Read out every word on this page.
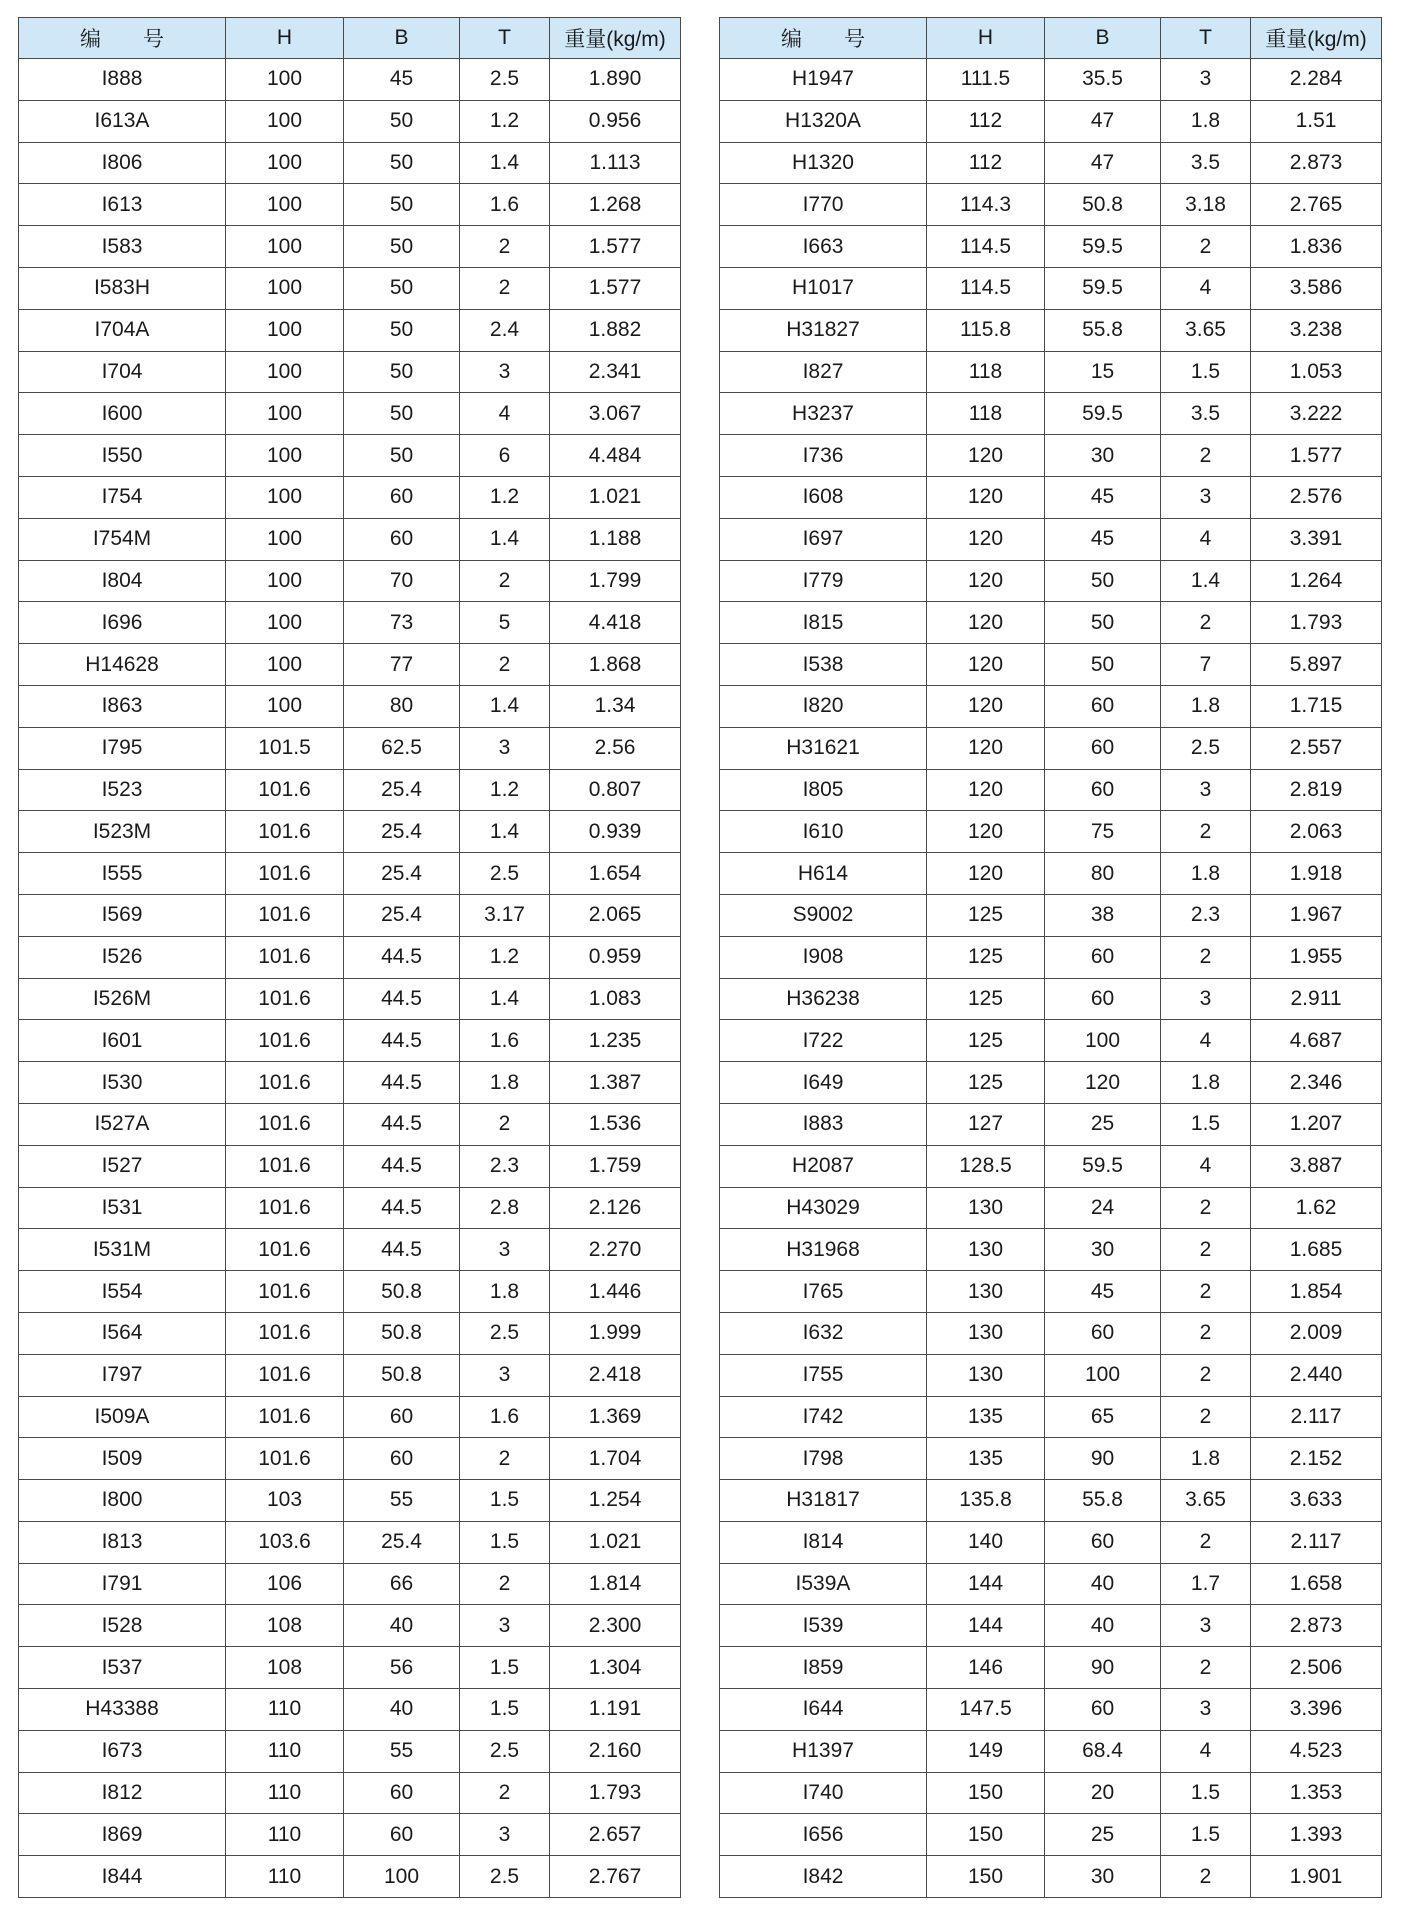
编　　号	H	B	T	重量(kg/m)
I888	100	45	2.5	1.890
I613A	100	50	1.2	0.956
I806	100	50	1.4	1.113
I613	100	50	1.6	1.268
I583	100	50	2	1.577
I583H	100	50	2	1.577
I704A	100	50	2.4	1.882
I704	100	50	3	2.341
I600	100	50	4	3.067
I550	100	50	6	4.484
I754	100	60	1.2	1.021
I754M	100	60	1.4	1.188
I804	100	70	2	1.799
I696	100	73	5	4.418
H14628	100	77	2	1.868
I863	100	80	1.4	1.34
I795	101.5	62.5	3	2.56
I523	101.6	25.4	1.2	0.807
I523M	101.6	25.4	1.4	0.939
I555	101.6	25.4	2.5	1.654
I569	101.6	25.4	3.17	2.065
I526	101.6	44.5	1.2	0.959
I526M	101.6	44.5	1.4	1.083
I601	101.6	44.5	1.6	1.235
I530	101.6	44.5	1.8	1.387
I527A	101.6	44.5	2	1.536
I527	101.6	44.5	2.3	1.759
I531	101.6	44.5	2.8	2.126
I531M	101.6	44.5	3	2.270
I554	101.6	50.8	1.8	1.446
I564	101.6	50.8	2.5	1.999
I797	101.6	50.8	3	2.418
I509A	101.6	60	1.6	1.369
I509	101.6	60	2	1.704
I800	103	55	1.5	1.254
I813	103.6	25.4	1.5	1.021
I791	106	66	2	1.814
I528	108	40	3	2.300
I537	108	56	1.5	1.304
H43388	110	40	1.5	1.191
I673	110	55	2.5	2.160
I812	110	60	2	1.793
I869	110	60	3	2.657
I844	110	100	2.5	2.767
编　　号	H	B	T	重量(kg/m)
H1947	111.5	35.5	3	2.284
H1320A	112	47	1.8	1.51
H1320	112	47	3.5	2.873
I770	114.3	50.8	3.18	2.765
I663	114.5	59.5	2	1.836
H1017	114.5	59.5	4	3.586
H31827	115.8	55.8	3.65	3.238
I827	118	15	1.5	1.053
H3237	118	59.5	3.5	3.222
I736	120	30	2	1.577
I608	120	45	3	2.576
I697	120	45	4	3.391
I779	120	50	1.4	1.264
I815	120	50	2	1.793
I538	120	50	7	5.897
I820	120	60	1.8	1.715
H31621	120	60	2.5	2.557
I805	120	60	3	2.819
I610	120	75	2	2.063
H614	120	80	1.8	1.918
S9002	125	38	2.3	1.967
I908	125	60	2	1.955
H36238	125	60	3	2.911
I722	125	100	4	4.687
I649	125	120	1.8	2.346
I883	127	25	1.5	1.207
H2087	128.5	59.5	4	3.887
H43029	130	24	2	1.62
H31968	130	30	2	1.685
I765	130	45	2	1.854
I632	130	60	2	2.009
I755	130	100	2	2.440
I742	135	65	2	2.117
I798	135	90	1.8	2.152
H31817	135.8	55.8	3.65	3.633
I814	140	60	2	2.117
I539A	144	40	1.7	1.658
I539	144	40	3	2.873
I859	146	90	2	2.506
I644	147.5	60	3	3.396
H1397	149	68.4	4	4.523
I740	150	20	1.5	1.353
I656	150	25	1.5	1.393
I842	150	30	2	1.901
